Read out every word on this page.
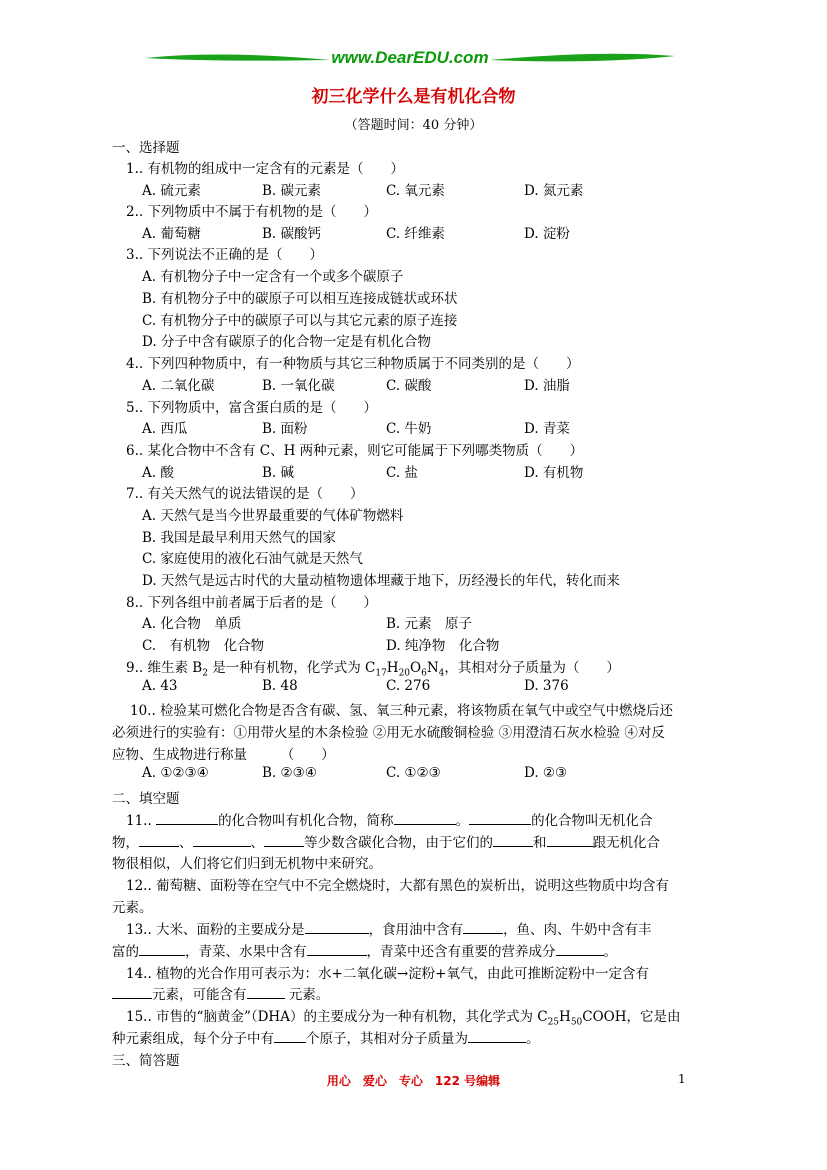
www.DearEDU.com
初三化学什么是有机化合物
（答题时间：40 分钟）
一、选择题
1.. 有机物的组成中一定含有的元素是（　　）
A. 硫元素	B. 碳元素	C. 氧元素	D. 氮元素
2.. 下列物质中不属于有机物的是（　　）
A. 葡萄糖	B. 碳酸钙	C. 纤维素	D. 淀粉
3.. 下列说法不正确的是（　　）
A. 有机物分子中一定含有一个或多个碳原子
B. 有机物分子中的碳原子可以相互连接成链状或环状
C. 有机物分子中的碳原子可以与其它元素的原子连接
D. 分子中含有碳原子的化合物一定是有机化合物
4.. 下列四种物质中，有一种物质与其它三种物质属于不同类别的是（　　）
A. 二氧化碳	B. 一氧化碳	C. 碳酸	D. 油脂
5.. 下列物质中，富含蛋白质的是（　　）
A. 西瓜	B. 面粉	C. 牛奶	D. 青菜
6.. 某化合物中不含有 C、H 两种元素，则它可能属于下列哪类物质（　　）
A. 酸	B. 碱	C. 盐	D. 有机物
7.. 有关天然气的说法错误的是（　　）
A. 天然气是当今世界最重要的气体矿物燃料
B. 我国是最早利用天然气的国家
C. 家庭使用的液化石油气就是天然气
D. 天然气是远古时代的大量动植物遗体埋藏于地下，历经漫长的年代，转化而来
8.. 下列各组中前者属于后者的是（　　）
A. 化合物　单质	B. 元素　原子
C.　有机物　化合物	D. 纯净物　化合物
9.. 维生素 $B_2$ 是一种有机物，化学式为 $C_{17}H_{20}O_6N_4$，其相对分子质量为（　　）
A. 43	B. 48	C. 276	D. 376
10.. 检验某可燃化合物是否含有碳、氢、氧三种元素，将该物质在氧气中或空气中燃烧后还
必须进行的实验有：①用带火星的木条检验 ②用无水硫酸铜检验 ③用澄清石灰水检验 ④对反
应物、生成物进行称量　　　（　　）
A. ①②③④	B. ②③④	C. ①②③	D. ②③
二、填空题
11..	的化合物叫有机化合物，简称	。	的化合物叫无机化合
物，	、	、	等少数含碳化合物，由于它们的	和	跟无机化合
物很相似，人们将它们归到无机物中来研究。
12.. 葡萄糖、面粉等在空气中不完全燃烧时，大都有黑色的炭析出，说明这些物质中均含有
元素。
13.. 大米、面粉的主要成分是	，食用油中含有	，鱼、肉、牛奶中含有丰
富的	，青菜、水果中含有	，青菜中还含有重要的营养成分	。
14.. 植物的光合作用可表示为：水+二氧化碳→淀粉+氧气，由此可推断淀粉中一定含有
元素，可能含有	元素。
15.. 市售的“脑黄金”（DHA）的主要成分为一种有机物，其化学式为 $C_{25}H_{50}COOH$，它是由
种元素组成，每个分子中有 个原子，其相对分子质量为	。
三、简答题
用心　爱心　专心　122 号编辑	1
